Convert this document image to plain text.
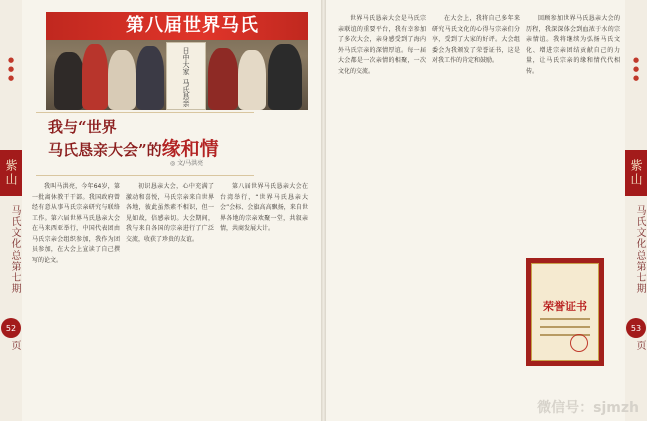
● ● ●
紫山
马氏文化
总第七期
52
页
第八届世界马氏
日中大家
马氏恳亲
我与“世界
马氏恳亲大会”的缘和情
◎ 文/马洪亮

我叫马洪亮，今年64岁，第一批离休教干干部。我国政府曾经有意从事马氏宗亲研究与联络工作。第六届世界马氏恳亲大会在马来西亚举行，中国代表团由马氏宗亲会组织参加，我作为团员参加，在大会上宣读了自己撰写的论文。

初识恳亲大会，心中充满了激动和喜悦，马氏宗亲来自世界各地，彼此虽然素不相识，但一见如故，倍感亲切。大会期间，我与来自各国的宗亲进行了广泛交流，收获了珍贵的友谊。

第八届世界马氏恳亲大会在台湾举行，“世界马氏恳亲大会”会标、会旗高高飘扬，来自世界各地的宗亲欢聚一堂，共叙亲情，共商发展大计。

世界马氏恳亲大会是马氏宗亲联谊的重要平台，我有幸参加了多次大会，亲身感受到了海内外马氏宗亲的深情厚谊。每一届大会都是一次亲情的相聚，一次文化的交流。

在大会上，我将自己多年来研究马氏文化的心得与宗亲们分享，受到了大家的好评。大会组委会为我颁发了荣誉证书，这是对我工作的肯定和鼓励。

回顾参加世界马氏恳亲大会的历程，我深深体会到血浓于水的宗亲情谊。我将继续为弘扬马氏文化、增进宗亲团结贡献自己的力量，让马氏宗亲的缘和情代代相传。

荣誉证书
● ● ●
紫山
马氏文化
总第七期
53
页
微信号：sjmzh
